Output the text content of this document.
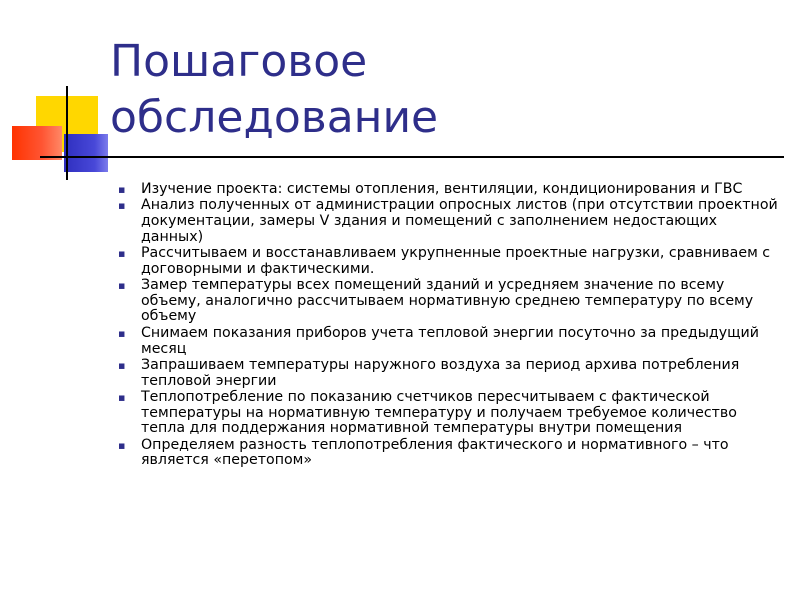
Пошаговое
обследование
▪	Изучение проекта: системы отопления, вентиляции, кондиционирования и ГВС
▪	Анализ полученных от администрации опросных листов (при отсутствии проектной документации, замеры V здания и помещений с заполнением недостающих данных)
▪	Рассчитываем и восстанавливаем укрупненные проектные нагрузки, сравниваем с договорными и фактическими.
▪	Замер температуры всех помещений зданий и усредняем значение по всему объему, аналогично рассчитываем нормативную среднею температуру по всему объему
▪	Снимаем показания приборов учета тепловой энергии посуточно за предыдущий месяц
▪	Запрашиваем температуры наружного воздуха за период архива потребления тепловой энергии
▪	Теплопотребление по показанию счетчиков пересчитываем с фактической температуры на нормативную температуру и получаем требуемое количество тепла для поддержания нормативной температуры внутри помещения
▪	Определяем разность теплопотребления фактического и нормативного – что является «перетопом»
